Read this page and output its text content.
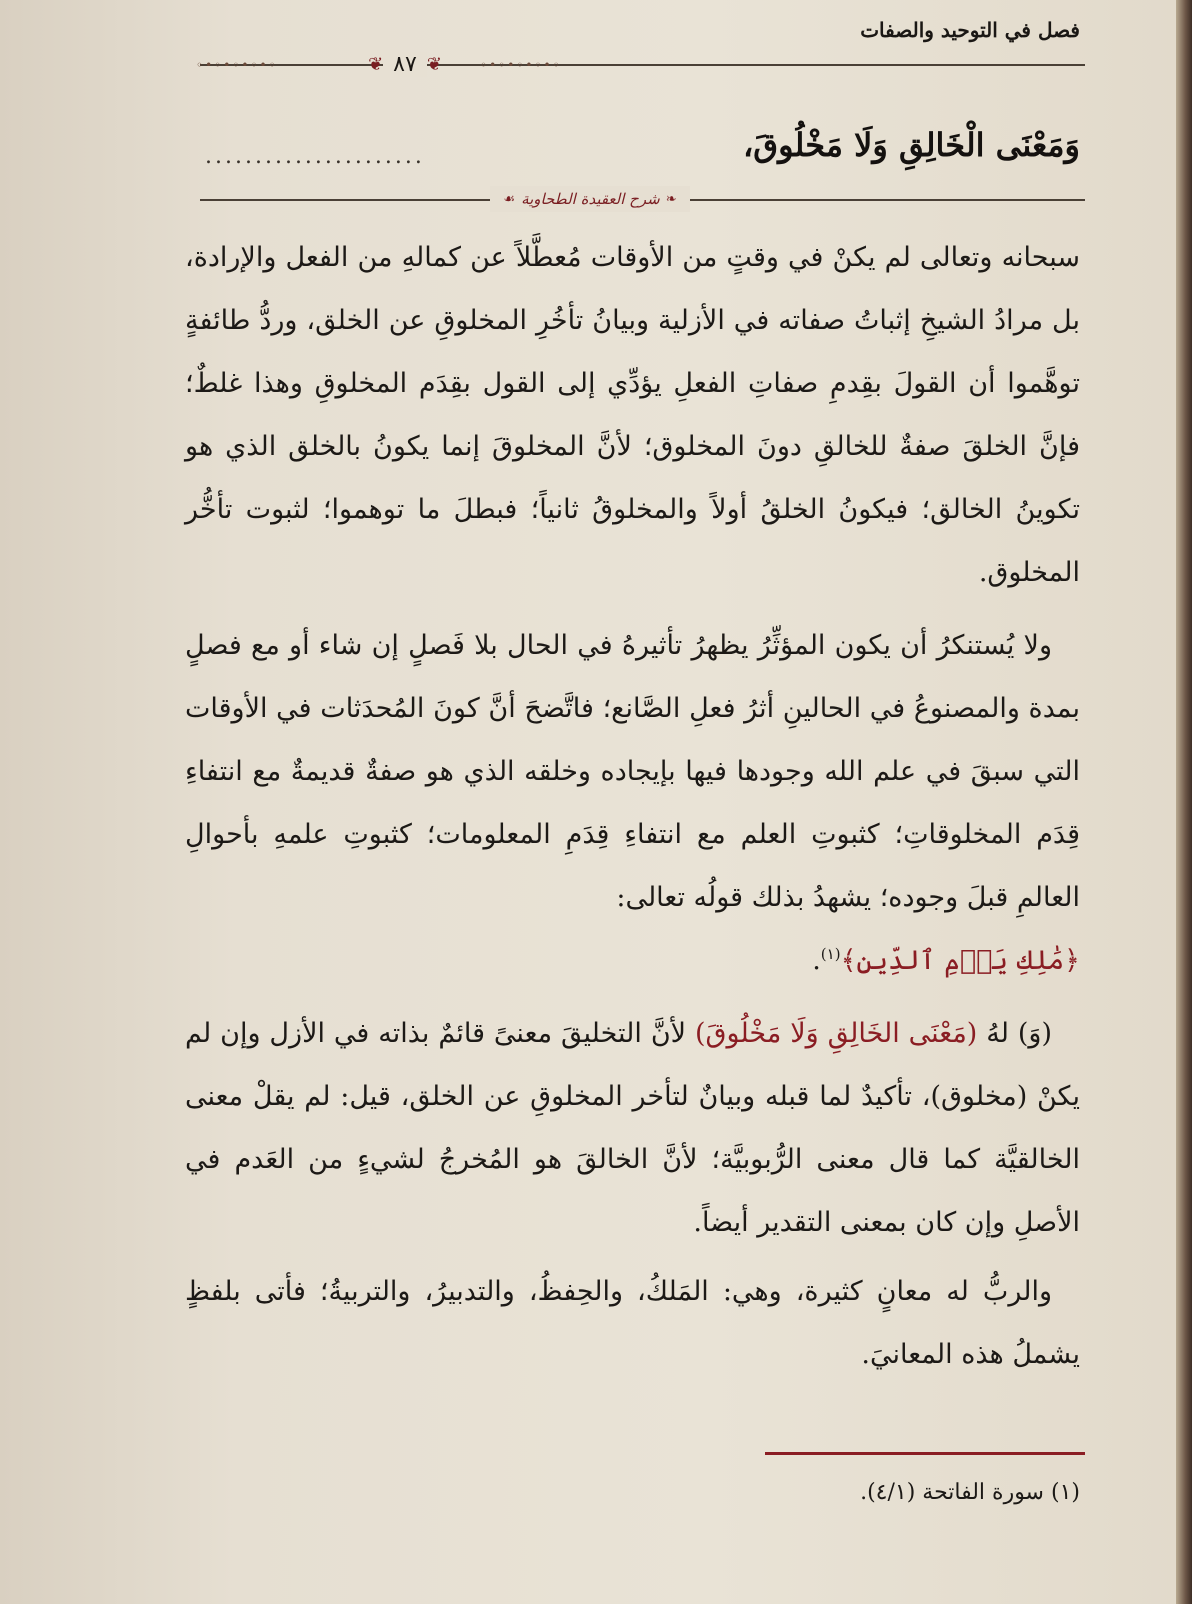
فصل في التوحيد والصفات
◦•◦•◦•◦•◦	❦ ٨٧ ❦	◦•◦•◦•◦•◦
وَمَعْنَى الْخَالِقِ وَلَا مَخْلُوقَ،
......................
❧
شرح العقيدة الطحاوية
☙

سبحانه وتعالى لم يكنْ في وقتٍ من الأوقات مُعطَّلاً عن كمالهِ من الفعل والإرادة، بل مرادُ الشيخِ إثباتُ صفاته في الأزلية وبيانُ تأخُرِ المخلوقِ عن الخلق، وردُّ طائفةٍ توهَّموا أن القولَ بقِدمِ صفاتِ الفعلِ يؤدِّي إلى القول بقِدَم المخلوقِ وهذا غلطٌ؛ فإنَّ الخلقَ صفةٌ للخالقِ دونَ المخلوق؛ لأنَّ المخلوقَ إنما يكونُ بالخلق الذي هو تكوينُ الخالق؛ فيكونُ الخلقُ أولاً والمخلوقُ ثانياً؛ فبطلَ ما توهموا؛ لثبوت تأخُّر المخلوق.

ولا يُستنكرُ أن يكون المؤثِّرُ يظهرُ تأثيرهُ في الحال بلا فَصلٍ إن شاء أو مع فصلٍ بمدة والمصنوعُ في الحالينِ أثرُ فعلِ الصَّانع؛ فاتَّضحَ أنَّ كونَ المُحدَثات في الأوقات التي سبقَ في علم الله وجودها فيها بإيجاده وخلقه الذي هو صفةٌ قديمةٌ مع انتفاءِ قِدَم المخلوقاتِ؛ كثبوتِ العلم مع انتفاءِ قِدَمِ المعلومات؛ كثبوتِ علمهِ بأحوالِ العالمِ قبلَ وجوده؛ يشهدُ بذلك قولُه تعالى:
﴿مَٰلِكِ يَوۡمِ ٱلدِّينِ﴾$^{(١)}$.

(وَ) لهُ (مَعْنَى الخَالِقِ وَلَا مَخْلُوقَ) لأنَّ التخليقَ معنىً قائمٌ بذاته في الأزل وإن لم يكنْ (مخلوق)، تأكيدٌ لما قبله وبيانٌ لتأخر المخلوقِ عن الخلق، قيل: لم يقلْ معنى الخالقيَّة كما قال معنى الرُّبوبيَّة؛ لأنَّ الخالقَ هو المُخرجُ لشيءٍ من العَدم في الأصلِ وإن كان بمعنى التقدير أيضاً.

والربُّ له معانٍ كثيرة، وهي: المَلكُ، والحِفظُ، والتدبيرُ، والتربيةُ؛ فأتى بلفظٍ يشملُ هذه المعانيَ.

(١) سورة الفاتحة (٤/١).
